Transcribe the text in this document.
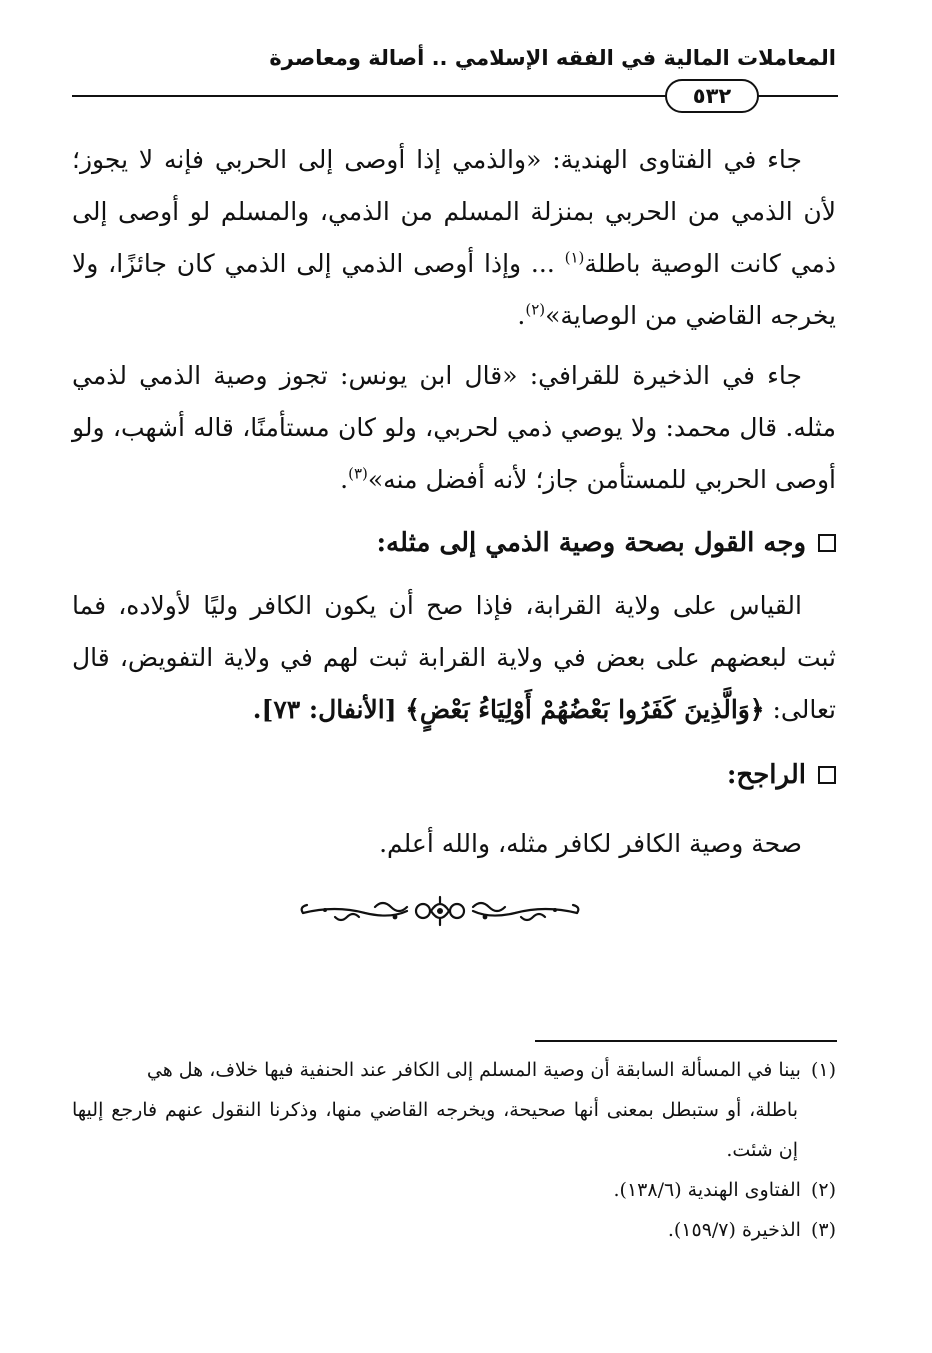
المعاملات المالية في الفقه الإسلامي .. أصالة ومعاصرة
٥٣٢
جاء في الفتاوى الهندية: «والذمي إذا أوصى إلى الحربي فإنه لا يجوز؛ لأن الذمي من الحربي بمنزلة المسلم من الذمي، والمسلم لو أوصى إلى ذمي كانت الوصية باطلة$^{(١)}$ ... وإذا أوصى الذمي إلى الذمي كان جائزًا، ولا يخرجه القاضي من الوصاية»$^{(٢)}$.
جاء في الذخيرة للقرافي: «قال ابن يونس: تجوز وصية الذمي لذمي مثله. قال محمد: ولا يوصي ذمي لحربي، ولو كان مستأمنًا، قاله أشهب، ولو أوصى الحربي للمستأمن جاز؛ لأنه أفضل منه»$^{(٣)}$.
وجه القول بصحة وصية الذمي إلى مثله:
القياس على ولاية القرابة، فإذا صح أن يكون الكافر وليًا لأولاده، فما ثبت لبعضهم على بعض في ولاية القرابة ثبت لهم في ولاية التفويض، قال تعالى: ﴿وَالَّذِينَ كَفَرُوا بَعْضُهُمْ أَوْلِيَاءُ بَعْضٍ﴾ [الأنفال: ٧٣].
الراجح:
صحة وصية الكافر لكافر مثله، والله أعلم.
(١)بينا في المسألة السابقة أن وصية المسلم إلى الكافر عند الحنفية فيها خلاف، هل هي
باطلة، أو ستبطل بمعنى أنها صحيحة، ويخرجه القاضي منها، وذكرنا النقول عنهم فارجع إليها إن شئت.
(٢)الفتاوى الهندية (١٣٨/٦).
(٣)الذخيرة (١٥٩/٧).
